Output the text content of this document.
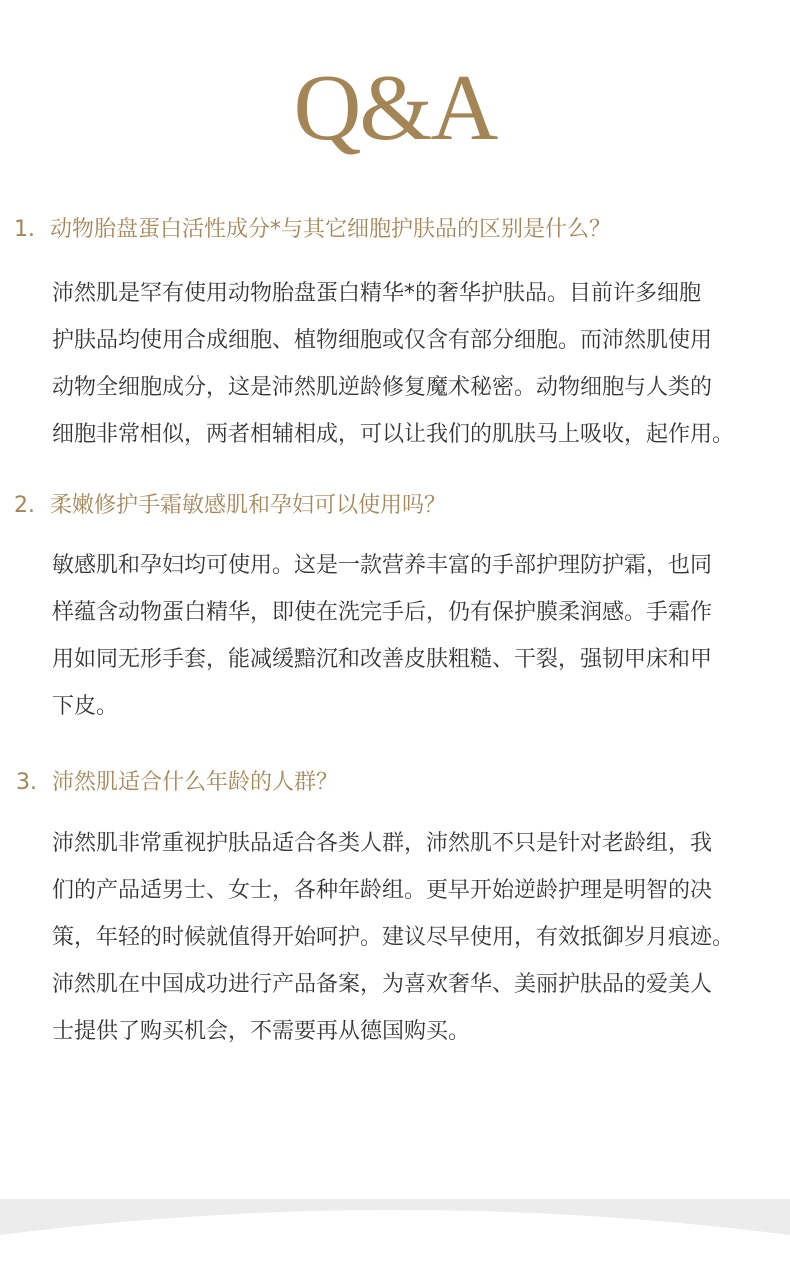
Q&A
1. 动物胎盘蛋白活性成分*与其它细胞护肤品的区别是什么？
沛然肌是罕有使用动物胎盘蛋白精华*的奢华护肤品。目前许多细胞
护肤品均使用合成细胞、植物细胞或仅含有部分细胞。而沛然肌使用
动物全细胞成分，这是沛然肌逆龄修复魔术秘密。动物细胞与人类的
细胞非常相似，两者相辅相成，可以让我们的肌肤马上吸收，起作用。
2. 柔嫩修护手霜敏感肌和孕妇可以使用吗？
敏感肌和孕妇均可使用。这是一款营养丰富的手部护理防护霜，也同
样蕴含动物蛋白精华，即使在洗完手后，仍有保护膜柔润感。手霜作
用如同无形手套，能减缓黯沉和改善皮肤粗糙、干裂，强韧甲床和甲
下皮。
3. 沛然肌适合什么年龄的人群？
沛然肌非常重视护肤品适合各类人群，沛然肌不只是针对老龄组，我
们的产品适男士、女士，各种年龄组。更早开始逆龄护理是明智的决
策，年轻的时候就值得开始呵护。建议尽早使用，有效抵御岁月痕迹。
沛然肌在中国成功进行产品备案，为喜欢奢华、美丽护肤品的爱美人
士提供了购买机会，不需要再从德国购买。
